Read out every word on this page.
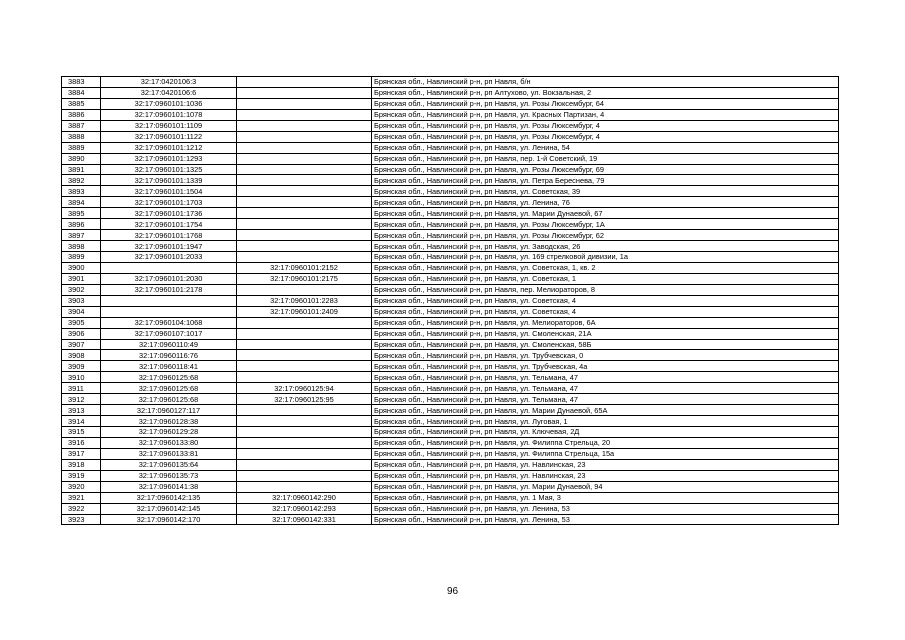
3883	32:17:0420106:3		Брянская обл., Навлинский р-н, рп Навля, б/н
3884	32:17:0420106:6		Брянская обл., Навлинский р-н, рп Алтухово, ул. Вокзальная, 2
3885	32:17:0960101:1036		Брянская обл., Навлинский р-н, рп Навля, ул. Розы Люксембург, 64
3886	32:17:0960101:1078		Брянская обл., Навлинский р-н, рп Навля, ул. Красных Партизан, 4
3887	32:17:0960101:1109		Брянская обл., Навлинский р-н, рп Навля, ул. Розы Люксембург, 4
3888	32:17:0960101:1122		Брянская обл., Навлинский р-н, рп Навля, ул. Розы Люксембург, 4
3889	32:17:0960101:1212		Брянская обл., Навлинский р-н, рп Навля, ул. Ленина, 54
3890	32:17:0960101:1293		Брянская обл., Навлинский р-н, рп Навля, пер. 1-й Советский, 19
3891	32:17:0960101:1325		Брянская обл., Навлинский р-н, рп Навля, ул. Розы Люксембург, 69
3892	32:17:0960101:1339		Брянская обл., Навлинский р-н, рп Навля, ул. Петра Береснева, 79
3893	32:17:0960101:1504		Брянская обл., Навлинский р-н, рп Навля, ул. Советская, 39
3894	32:17:0960101:1703		Брянская обл., Навлинский р-н, рп Навля, ул. Ленина, 76
3895	32:17:0960101:1736		Брянская обл., Навлинский р-н, рп Навля, ул. Марии Дунаевой, 67
3896	32:17:0960101:1754		Брянская обл., Навлинский р-н, рп Навля, ул. Розы Люксембург, 1А
3897	32:17:0960101:1768		Брянская обл., Навлинский р-н, рп Навля, ул. Розы Люксембург, 62
3898	32:17:0960101:1947		Брянская обл., Навлинский р-н, рп Навля, ул. Заводская, 26
3899	32:17:0960101:2033		Брянская обл., Навлинский р-н, рп Навля, ул. 169 стрелковой дивизии, 1а
3900		32:17:0960101:2152	Брянская обл., Навлинский р-н, рп Навля, ул. Советская, 1, кв. 2
3901	32:17:0960101:2030	32:17:0960101:2175	Брянская обл., Навлинский р-н, рп Навля, ул. Советская, 1
3902	32:17:0960101:2178		Брянская обл., Навлинский р-н, рп Навля, пер. Мелиораторов, 8
3903		32:17:0960101:2283	Брянская обл., Навлинский р-н, рп Навля, ул. Советская, 4
3904		32:17:0960101:2409	Брянская обл., Навлинский р-н, рп Навля, ул. Советская, 4
3905	32:17:0960104:1068		Брянская обл., Навлинский р-н, рп Навля, ул. Мелиораторов, 6А
3906	32:17:0960107:1017		Брянская обл., Навлинский р-н, рп Навля, ул. Смоленская, 21А
3907	32:17:0960110:49		Брянская обл., Навлинский р-н, рп Навля, ул. Смоленская, 58Б
3908	32:17:0960116:76		Брянская обл., Навлинский р-н, рп Навля, ул. Трубчевская, 0
3909	32:17:0960118:41		Брянская обл., Навлинский р-н, рп Навля, ул. Трубчевская, 4а
3910	32:17:0960125:68		Брянская обл., Навлинский р-н, рп Навля, ул. Тельмана, 47
3911	32:17:0960125:68	32:17:0960125:94	Брянская обл., Навлинский р-н, рп Навля, ул. Тельмана, 47
3912	32:17:0960125:68	32:17:0960125:95	Брянская обл., Навлинский р-н, рп Навля, ул. Тельмана, 47
3913	32:17:0960127:117		Брянская обл., Навлинский р-н, рп Навля, ул. Марии Дунаевой, 65А
3914	32:17:0960128:38		Брянская обл., Навлинский р-н, рп Навля, ул. Луговая, 1
3915	32:17:0960129:28		Брянская обл., Навлинский р-н, рп Навля, ул. Ключевая, 2Д
3916	32:17:0960133:80		Брянская обл., Навлинский р-н, рп Навля, ул. Филиппа Стрельца, 20
3917	32:17:0960133:81		Брянская обл., Навлинский р-н, рп Навля, ул. Филиппа Стрельца, 15а
3918	32:17:0960135:64		Брянская обл., Навлинский р-н, рп Навля, ул. Навлинская, 23
3919	32:17:0960135:73		Брянская обл., Навлинский р-н, рп Навля, ул. Навлинская, 23
3920	32:17:0960141:38		Брянская обл., Навлинский р-н, рп Навля, ул. Марии Дунаевой, 94
3921	32:17:0960142:135	32:17:0960142:290	Брянская обл., Навлинский р-н, рп Навля, ул. 1 Мая, 3
3922	32:17:0960142:145	32:17:0960142:293	Брянская обл., Навлинский р-н, рп Навля, ул. Ленина, 53
3923	32:17:0960142:170	32:17:0960142:331	Брянская обл., Навлинский р-н, рп Навля, ул. Ленина, 53
96
